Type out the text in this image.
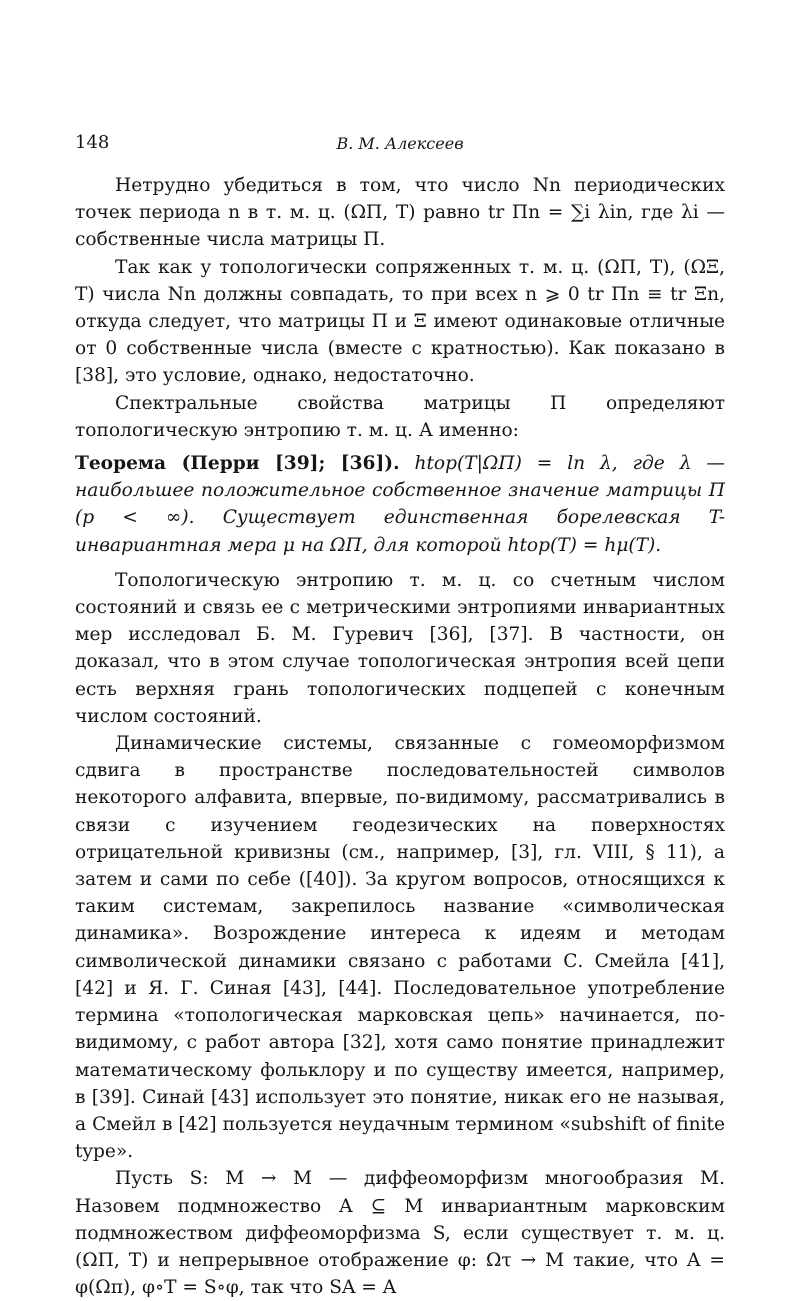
148	В. М. Алексеев

Нетрудно убедиться в том, что число Nn периодических точек периода n в т. м. ц. (ΩΠ, T) равно tr Πn = ∑i λin, где λi — собственные числа матрицы Π.

Так как у топологически сопряженных т. м. ц. (ΩΠ, T), (ΩΞ, T) числа Nn должны совпадать, то при всех n ⩾ 0 tr Πn ≡ tr Ξn, откуда следует, что матрицы Π и Ξ имеют одинаковые отличные от 0 собственные числа (вместе с кратностью). Как показано в [38], это условие, однако, недостаточно.

Спектральные свойства матрицы Π определяют топологическую энтропию т. м. ц. А именно:

Теорема (Перри [39]; [36]). htop(T|ΩΠ) = ln λ, где λ — наибольшее положительное собственное значение матрицы Π (p < ∞). Существует единственная борелевская T-инвариантная мера μ на ΩΠ, для которой htop(T) = hμ(T).

Топологическую энтропию т. м. ц. со счетным числом состояний и связь ее с метрическими энтропиями инвариантных мер исследовал Б. М. Гуревич [36], [37]. В частности, он доказал, что в этом случае топологическая энтропия всей цепи есть верхняя грань топологических подцепей с конечным числом состояний.

Динамические системы, связанные с гомеоморфизмом сдвига в пространстве последовательностей символов некоторого алфавита, впервые, по-видимому, рассматривались в связи с изучением геодезических на поверхностях отрицательной кривизны (см., например, [3], гл. VIII, § 11), а затем и сами по себе ([40]). За кругом вопросов, относящихся к таким системам, закрепилось название «символическая динамика». Возрождение интереса к идеям и методам символической динамики связано с работами С. Смейла [41], [42] и Я. Г. Синая [43], [44]. Последовательное употребление термина «топологическая марковская цепь» начинается, по-видимому, с работ автора [32], хотя само понятие принадлежит математическому фольклору и по существу имеется, например, в [39]. Синай [43] использует это понятие, никак его не называя, а Смейл в [42] пользуется неудачным термином «subshift of finite type».

Пусть S: M → M — диффеоморфизм многообразия M. Назовем подмножество A ⊆ M инвариантным марковским подмножеством диффеоморфизма S, если существует т. м. ц. (ΩΠ, T) и непрерывное отображение φ: Ωτ → M такие, что A = φ(Ωπ), φ∘T = S∘φ, так что SA = A
